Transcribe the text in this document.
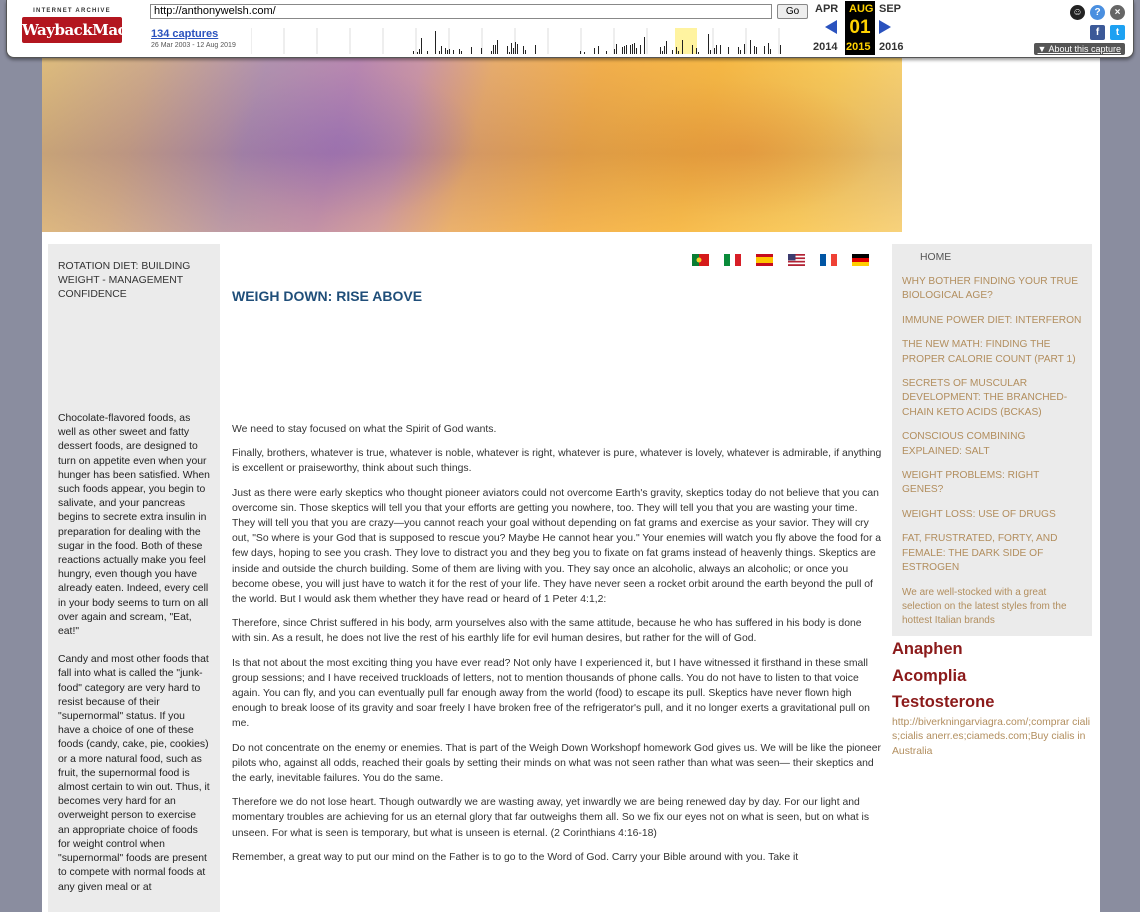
INTERNET ARCHIVE
WaybackMachine
http://anthonywelsh.com/	Go
134 captures
26 Mar 2003 - 12 Aug 2019
APR AUG SEP
01
2014 2015 2016
☺	?	×
f	t
▼ About this capture
ROTATION DIET: BUILDING WEIGHT - MANAGEMENT CONFIDENCE

Chocolate-flavored foods, as well as other sweet and fatty dessert foods, are designed to turn on appetite even when your hunger has been satisfied. When such foods appear, you begin to salivate, and your pancreas begins to secrete extra insulin in preparation for dealing with the sugar in the food. Both of these reactions actually make you feel hungry, even though you have already eaten. Indeed, every cell in your body seems to turn on all over again and scream, "Eat, eat!"

Candy and most other foods that fall into what is called the "junk-food" category are very hard to resist because of their "supernormal" status. If you have a choice of one of these foods (candy, cake, pie, cookies) or a more natural food, such as fruit, the supernormal food is almost certain to win out. Thus, it becomes very hard for an overweight person to exercise an appropriate choice of foods for weight control when "supernormal" foods are present to compete with normal foods at any given meal or at

WEIGH DOWN: RISE ABOVE

We need to stay focused on what the Spirit of God wants.

Finally, brothers, whatever is true, whatever is noble, whatever is right, whatever is pure, whatever is lovely, whatever is admirable, if anything is excellent or praiseworthy, think about such things.

Just as there were early skeptics who thought pioneer aviators could not overcome Earth's gravity, skeptics today do not believe that you can overcome sin. Those skeptics will tell you that your efforts are getting you nowhere, too. They will tell you that you are wasting your time. They will tell you that you are crazy—you cannot reach your goal without depending on fat grams and exercise as your savior. They will cry out, "So where is your God that is supposed to rescue you? Maybe He cannot hear you." Your enemies will watch you fly above the food for a few days, hoping to see you crash. They love to distract you and they beg you to fixate on fat grams instead of heavenly things. Skeptics are inside and outside the church building. Some of them are living with you. They say once an alcoholic, always an alcoholic; or once you become obese, you will just have to watch it for the rest of your life. They have never seen a rocket orbit around the earth beyond the pull of the world. But I would ask them whether they have read or heard of 1 Peter 4:1,2:

Therefore, since Christ suffered in his body, arm yourselves also with the same attitude, because he who has suffered in his body is done with sin. As a result, he does not live the rest of his earthly life for evil human desires, but rather for the will of God.

Is that not about the most exciting thing you have ever read? Not only have I experienced it, but I have witnessed it firsthand in these small group sessions; and I have received truckloads of letters, not to mention thousands of phone calls. You do not have to listen to that voice again. You can fly, and you can eventually pull far enough away from the world (food) to escape its pull. Skeptics have never flown high enough to break loose of its gravity and soar freely I have broken free of the refrigerator's pull, and it no longer exerts a gravitational pull on me.

Do not concentrate on the enemy or enemies. That is part of the Weigh Down Workshopf homework God gives us. We will be like the pioneer pilots who, against all odds, reached their goals by setting their minds on what was not seen rather than what was seen— their skeptics and the early, inevitable failures. You do the same.

Therefore we do not lose heart. Though outwardly we are wasting away, yet inwardly we are being renewed day by day. For our light and momentary troubles are achieving for us an eternal glory that far outweighs them all. So we fix our eyes not on what is seen, but on what is unseen. For what is seen is temporary, but what is unseen is eternal. (2 Corinthians 4:16-18)

Remember, a great way to put our mind on the Father is to go to the Word of God. Carry your Bible around with you. Take it

HOME
WHY BOTHER FINDING YOUR TRUE BIOLOGICAL AGE?
IMMUNE POWER DIET: INTERFERON
THE NEW MATH: FINDING THE PROPER CALORIE COUNT (PART 1)
SECRETS OF MUSCULAR DEVELOPMENT: THE BRANCHED-CHAIN KETO ACIDS (BCKAS)
CONSCIOUS COMBINING EXPLAINED: SALT
WEIGHT PROBLEMS: RIGHT GENES?
WEIGHT LOSS: USE OF DRUGS
FAT, FRUSTRATED, FORTY, AND FEMALE: THE DARK SIDE OF ESTROGEN
We are well-stocked with a great selection on the latest styles from the hottest Italian brands
Anaphen
Acomplia
Testosterone
http://biverkningarviagra.com/;comprar cialis;cialis anerr.es;ciameds.com;Buy cialis in Australia
